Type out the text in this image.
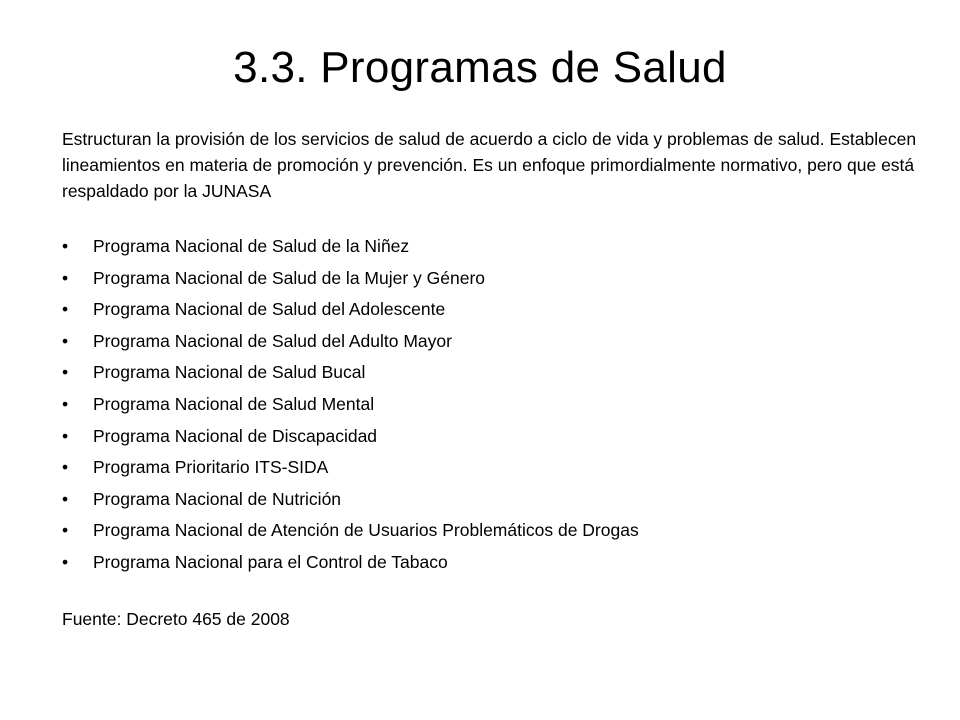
3.3. Programas de Salud

Estructuran la provisión de los servicios de salud de acuerdo a ciclo de vida y problemas de salud. Establecen lineamientos en materia de promoción y prevención. Es un enfoque primordialmente normativo, pero que está respaldado por la JUNASA

•	Programa Nacional de Salud de la Niñez
•	Programa Nacional de Salud de la Mujer y Género
•	Programa Nacional de Salud del Adolescente
•	Programa Nacional de Salud del Adulto Mayor
•	Programa Nacional de Salud Bucal
•	Programa Nacional de Salud Mental
•	Programa Nacional de Discapacidad
•	Programa Prioritario ITS-SIDA
•	Programa Nacional de Nutrición
•	Programa Nacional de Atención de Usuarios Problemáticos de Drogas
•	Programa Nacional para el Control de Tabaco

Fuente: Decreto 465 de 2008
